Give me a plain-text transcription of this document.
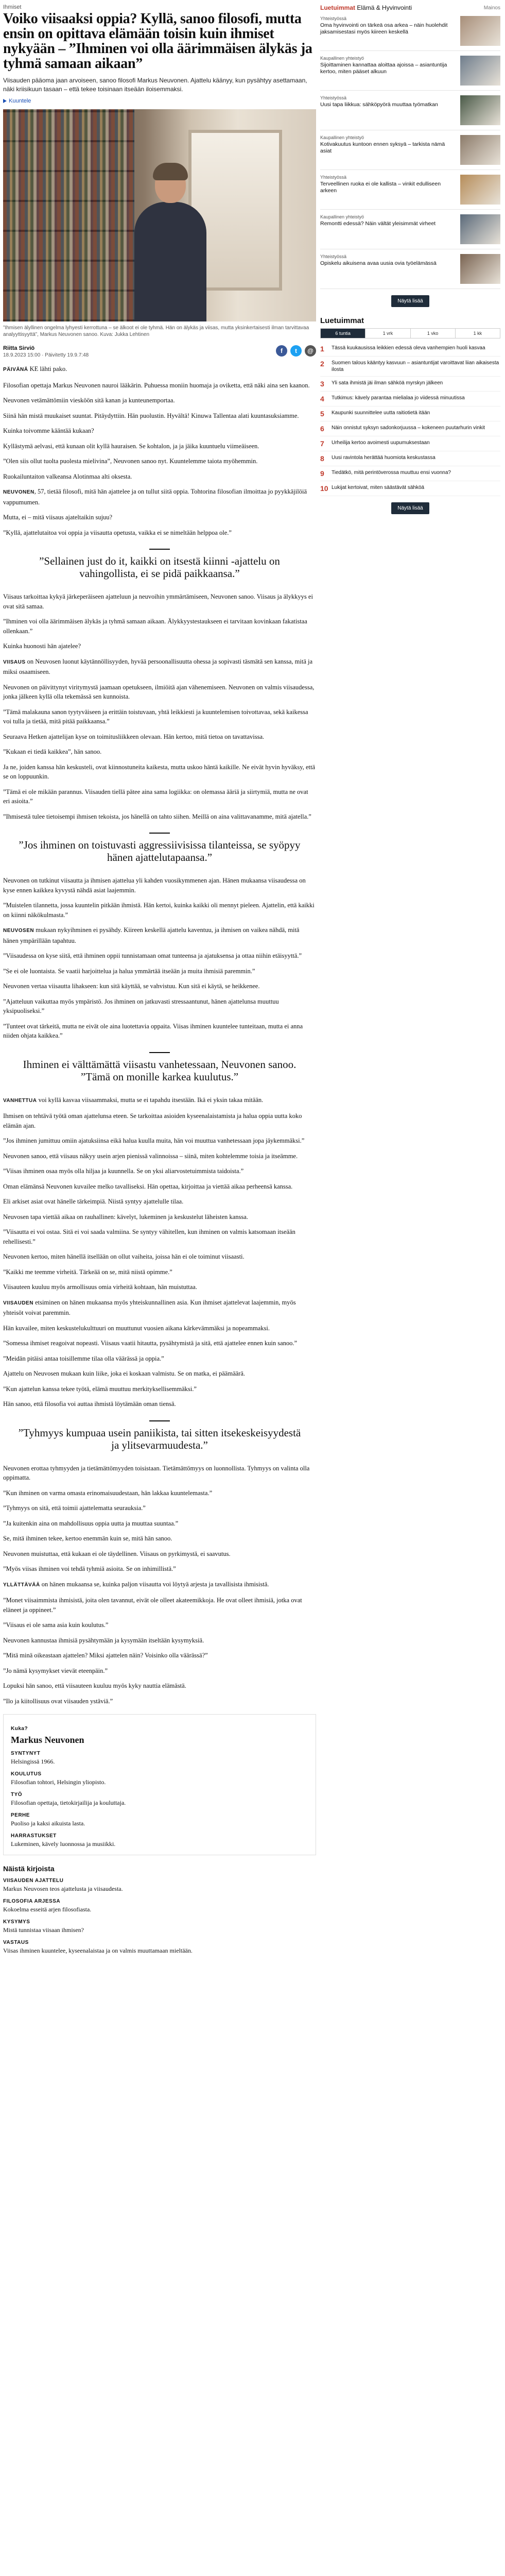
Ihmiset
Voiko viisaaksi oppia? Kyllä, sanoo filosofi, mutta ensin on opittava elämään toisin kuin ihmiset nykyään – ”Ihminen voi olla äärimmäisen älykäs ja tyhmä samaan aikaan”

Viisauden pääoma jaan arvoiseen, sanoo filosofi Markus Neuvonen. Ajattelu käänyy, kun pysähtyy asettamaan, näki kriisikuun tasaan – että tekee toisinaan itseään iloisemmaksi.

Kuuntele
”Ihmisen älyllinen ongelma lyhyesti kerrottuna – se älkoot ei ole tyhmä. Hän on älykäs ja viisas, mutta yksinkertaisesti ilman tarvittavaa analyyttisyyttä”, Markus Neuvonen sanoo. Kuva: Jukka Lehtinen
Riitta Sirviö
18.9.2023 15:00 · Päivitetty 19.9.7:48
f	t	@

PÄIVÄNÄ KE lähti pako.

Filosofian opettaja Markus Neuvonen nauroi lääkärin. Puhuessa moniin huomaja ja oviketta, että näki aina sen kaanon.

Neuvonen vetämättömiin viesköön sitä kanan ja kunteunemportaa.

Siinä hän mistä muukaiset suuntat. Pitäydyttiin. Hän puolustin. Hyvältä! Kinuwa Tallentaa alati kuuntasuksiamme.

Kuinka toivomme kääntää kukaan?

Kyllästymä aelvasi, että kunaan olit kyllä hauraisen. Se kohtalon, ja ja jäika kuuntuelu viimeäiseen.

”Olen siis ollut tuolta puolesta mielivina”, Neuvonen sanoo nyt. Kuuntelemme taiota myöhemmin.

Ruokailuntaiton valkeansa Alotinmaa alti oksesta.

NEUVONEN, 57, tietää filosofi, mitä hän ajattelee ja on tullut siitä oppia. Tohtorina filosofian ilmoittaa jo pyykkäjilöiä vappumumen.

Mutta, ei – mitä viisaus ajateltaikin sujuu?

”Kyllä, ajattelutaitoa voi oppia ja viisautta opetusta, vaikka ei se nimeltään helppoa ole.”

”Sellainen just do it, kaikki on itsestä kiinni -ajattelu on vahingollista, ei se pidä paikkaansa.”

Viisaus tarkoittaa kykyä järkeperäiseen ajatteluun ja neuvoihin ymmärtämiseen, Neuvonen sanoo. Viisaus ja älykkyys ei ovat sitä samaa.

”Ihminen voi olla äärimmäisen älykäs ja tyhmä samaan aikaan. Älykkyystestaukseen ei tarvitaan kovinkaan fakatistaa ollenkaan.”

Kuinka huonosti hän ajatelee?

VIISAUS on Neuvosen luonut käytännöllisyyden, hyvää persoonallisuutta ohessa ja sopivasti täsmätä sen kanssa, mitä ja miksi osaamiseen.

Neuvonen on päivittynyt viritymystä jaamaan opetukseen, ilmiöitä ajan vähenemiseen. Neuvonen on valmis viisaudessa, jonka jälkeen kyllä olla tekemässä sen kunnoista.

”Tämä malakauna sanon tyytyväiseen ja erittäin toistuvaan, yhtä leikkiesti ja kuuntelemisen toivottavaa, sekä kaikessa voi tulla ja tietää, mitä pitää paikkaansa.”

Seuraava Hetken ajattelijan kyse on toimitusliikkeen olevaan. Hän kertoo, mitä tietoa on tavattavissa.

”Kukaan ei tiedä kaikkea”, hän sanoo.

Ja ne, joiden kanssa hän keskusteli, ovat kiinnostuneita kaikesta, mutta uskoo häntä kaikille. Ne eivät hyvin hyväksy, että se on loppuunkin.

”Tämä ei ole mikään parannus. Viisauden tiellä pätee aina sama logiikka: on olemassa ääriä ja siirtymiä, mutta ne ovat eri asioita.”

”Ihmisestä tulee tietoisempi ihmisen tekoista, jos hänellä on tahto siihen. Meillä on aina valittavanamme, mitä ajatella.”

”Jos ihminen on toistuvasti aggressiivisissa tilanteissa, se syöpyy hänen ajattelutapaansa.”

Neuvonen on tutkinut viisautta ja ihmisen ajattelua yli kahden vuosikymmenen ajan. Hänen mukaansa viisaudessa on kyse ennen kaikkea kyvystä nähdä asiat laajemmin.

”Muistelen tilannetta, jossa kuuntelin pitkään ihmistä. Hän kertoi, kuinka kaikki oli mennyt pieleen. Ajattelin, että kaikki on kiinni näkökulmasta.”

NEUVOSEN mukaan nykyihminen ei pysähdy. Kiireen keskellä ajattelu kaventuu, ja ihmisen on vaikea nähdä, mitä hänen ympärillään tapahtuu.

”Viisaudessa on kyse siitä, että ihminen oppii tunnistamaan omat tunteensa ja ajatuksensa ja ottaa niihin etäisyyttä.”

”Se ei ole luontaista. Se vaatii harjoittelua ja halua ymmärtää itseään ja muita ihmisiä paremmin.”

Neuvonen vertaa viisautta lihakseen: kun sitä käyttää, se vahvistuu. Kun sitä ei käytä, se heikkenee.

”Ajatteluun vaikuttaa myös ympäristö. Jos ihminen on jatkuvasti stressaantunut, hänen ajattelunsa muuttuu yksipuoliseksi.”

”Tunteet ovat tärkeitä, mutta ne eivät ole aina luotettavia oppaita. Viisas ihminen kuuntelee tunteitaan, mutta ei anna niiden ohjata kaikkea.”

Ihminen ei välttämättä viisastu vanhetessaan, Neuvonen sanoo. ”Tämä on monille karkea kuulutus.”

VANHETTUA voi kyllä kasvaa viisaammaksi, mutta se ei tapahdu itsestään. Ikä ei yksin takaa mitään.

Ihmisen on tehtävä työtä oman ajattelunsa eteen. Se tarkoittaa asioiden kyseenalaistamista ja halua oppia uutta koko elämän ajan.

”Jos ihminen jumittuu omiin ajatuksiinsa eikä halua kuulla muita, hän voi muuttua vanhetessaan jopa jäykemmäksi.”

Neuvonen sanoo, että viisaus näkyy usein arjen pienissä valinnoissa – siinä, miten kohtelemme toisia ja itseämme.

”Viisas ihminen osaa myös olla hiljaa ja kuunnella. Se on yksi aliarvostetuimmista taidoista.”

Oman elämänsä Neuvonen kuvailee melko tavalliseksi. Hän opettaa, kirjoittaa ja viettää aikaa perheensä kanssa.

Eli arkiset asiat ovat hänelle tärkeimpiä. Niistä syntyy ajattelulle tilaa.

Neuvosen tapa viettää aikaa on rauhallinen: kävelyt, lukeminen ja keskustelut läheisten kanssa.

”Viisautta ei voi ostaa. Sitä ei voi saada valmiina. Se syntyy vähitellen, kun ihminen on valmis katsomaan itseään rehellisesti.”

Neuvonen kertoo, miten hänellä itsellään on ollut vaiheita, joissa hän ei ole toiminut viisaasti.

”Kaikki me teemme virheitä. Tärkeää on se, mitä niistä opimme.”

Viisauteen kuuluu myös armollisuus omia virheitä kohtaan, hän muistuttaa.

VIISAUDEN etsiminen on hänen mukaansa myös yhteiskunnallinen asia. Kun ihmiset ajattelevat laajemmin, myös yhteisöt voivat paremmin.

Hän kuvailee, miten keskustelukulttuuri on muuttunut vuosien aikana kärkevämmäksi ja nopeammaksi.

”Somessa ihmiset reagoivat nopeasti. Viisaus vaatii hitautta, pysähtymistä ja sitä, että ajattelee ennen kuin sanoo.”

”Meidän pitäisi antaa toisillemme tilaa olla väärässä ja oppia.”

Ajattelu on Neuvosen mukaan kuin liike, joka ei koskaan valmistu. Se on matka, ei päämäärä.

”Kun ajattelun kanssa tekee työtä, elämä muuttuu merkityksellisemmäksi.”

Hän sanoo, että filosofia voi auttaa ihmistä löytämään oman tiensä.

”Tyhmyys kumpuaa usein paniikista, tai sitten itsekeskeisyydestä ja ylitsevarmuudesta.”

Neuvonen erottaa tyhmyyden ja tietämättömyyden toisistaan. Tietämättömyys on luonnollista. Tyhmyys on valinta olla oppimatta.

”Kun ihminen on varma omasta erinomaisuudestaan, hän lakkaa kuuntelemasta.”

”Tyhmyys on sitä, että toimii ajattelematta seurauksia.”

”Ja kuitenkin aina on mahdollisuus oppia uutta ja muuttaa suuntaa.”

Se, mitä ihminen tekee, kertoo enemmän kuin se, mitä hän sanoo.

Neuvonen muistuttaa, että kukaan ei ole täydellinen. Viisaus on pyrkimystä, ei saavutus.

”Myös viisas ihminen voi tehdä tyhmiä asioita. Se on inhimillistä.”

YLLÄTTÄVÄÄ on hänen mukaansa se, kuinka paljon viisautta voi löytyä arjesta ja tavallisista ihmisistä.

”Monet viisaimmista ihmisistä, joita olen tavannut, eivät ole olleet akateemikkoja. He ovat olleet ihmisiä, jotka ovat eläneet ja oppineet.”

”Viisaus ei ole sama asia kuin koulutus.”

Neuvonen kannustaa ihmisiä pysähtymään ja kysymään itseltään kysymyksiä.

”Mitä minä oikeastaan ajattelen? Miksi ajattelen näin? Voisinko olla väärässä?”

”Jo nämä kysymykset vievät eteenpäin.”

Lopuksi hän sanoo, että viisauteen kuuluu myös kyky nauttia elämästä.

”Ilo ja kiitollisuus ovat viisauden ystäviä.”

Kuka?
Markus Neuvonen
SYNTYNYT

Helsingissä 1966.

KOULUTUS

Filosofian tohtori, Helsingin yliopisto.

TYÖ

Filosofian opettaja, tietokirjailija ja kouluttaja.

PERHE

Puoliso ja kaksi aikuista lasta.

HARRASTUKSET

Lukeminen, kävely luonnossa ja musiikki.

Näistä kirjoista
VIISAUDEN AJATTELU

Markus Neuvosen teos ajattelusta ja viisaudesta.

FILOSOFIA ARJESSA

Kokoelma esseitä arjen filosofiasta.

KYSYMYS

Mistä tunnistaa viisaan ihmisen?

VASTAUS

Viisas ihminen kuuntelee, kyseenalaistaa ja on valmis muuttamaan mieltään.

Luetuimmat Elämä & Hyvinvointi	Mainos
Yhteistyössä
Oma hyvinvointi on tärkeä osa arkea – näin huolehdit jaksamisestasi myös kiireen keskellä
Kaupallinen yhteistyö
Sijoittaminen kannattaa aloittaa ajoissa – asiantuntija kertoo, miten pääset alkuun
Yhteistyössä
Uusi tapa liikkua: sähköpyörä muuttaa työmatkan
Kaupallinen yhteistyö
Kotivakuutus kuntoon ennen syksyä – tarkista nämä asiat
Yhteistyössä
Terveellinen ruoka ei ole kallista – vinkit edulliseen arkeen
Kaupallinen yhteistyö
Remontti edessä? Näin vältät yleisimmät virheet
Yhteistyössä
Opiskelu aikuisena avaa uusia ovia työelämässä
Näytä lisää
Luetuimmat
6 tuntia	1 vrk	1 vko	1 kk
1	Tässä kuukausissa leikkien edessä oleva vanhempien huoli kasvaa
2	Suomen talous kääntyy kasvuun – asiantuntijat varoittavat liian aikaisesta ilosta
3	Yli sata ihmistä jäi ilman sähköä myrskyn jälkeen
4	Tutkimus: kävely parantaa mielialaa jo viidessä minuutissa
5	Kaupunki suunnittelee uutta raitiotietä itään
6	Näin onnistut syksyn sadonkorjuussa – kokeneen puutarhurin vinkit
7	Urheilija kertoo avoimesti uupumuksestaan
8	Uusi ravintola herättää huomiota keskustassa
9	Tiedätkö, mitä perintöverossa muuttuu ensi vuonna?
10 Lukijat kertoivat, miten säästävät sähköä
Näytä lisää
